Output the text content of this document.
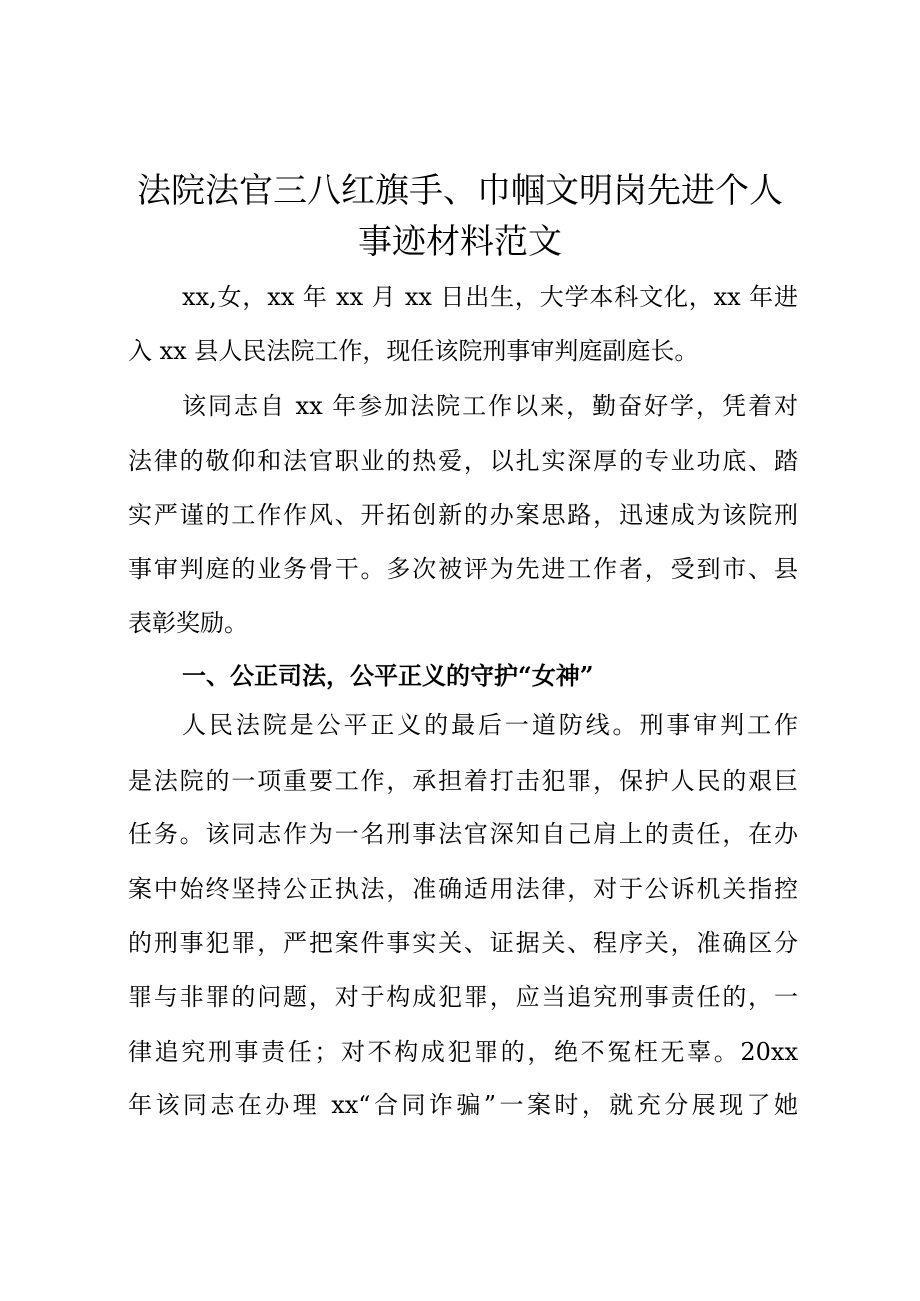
法院法官三八红旗手、巾帼文明岗先进个人
事迹材料范文

xx,女，xx 年 xx 月 xx 日出生，大学本科文化，xx 年进

入 xx 县人民法院工作，现任该院刑事审判庭副庭长。

该同志自 xx 年参加法院工作以来，勤奋好学，凭着对

法律的敬仰和法官职业的热爱，以扎实深厚的专业功底、踏

实严谨的工作作风、开拓创新的办案思路，迅速成为该院刑

事审判庭的业务骨干。多次被评为先进工作者，受到市、县

表彰奖励。

一、公正司法，公平正义的守护“女神”

人民法院是公平正义的最后一道防线。刑事审判工作

是法院的一项重要工作，承担着打击犯罪，保护人民的艰巨

任务。该同志作为一名刑事法官深知自己肩上的责任，在办

案中始终坚持公正执法，准确适用法律，对于公诉机关指控

的刑事犯罪，严把案件事实关、证据关、程序关，准确区分

罪与非罪的问题，对于构成犯罪，应当追究刑事责任的，一

律追究刑事责任；对不构成犯罪的，绝不冤枉无辜。20xx

年该同志在办理 xx“合同诈骗”一案时，就充分展现了她
